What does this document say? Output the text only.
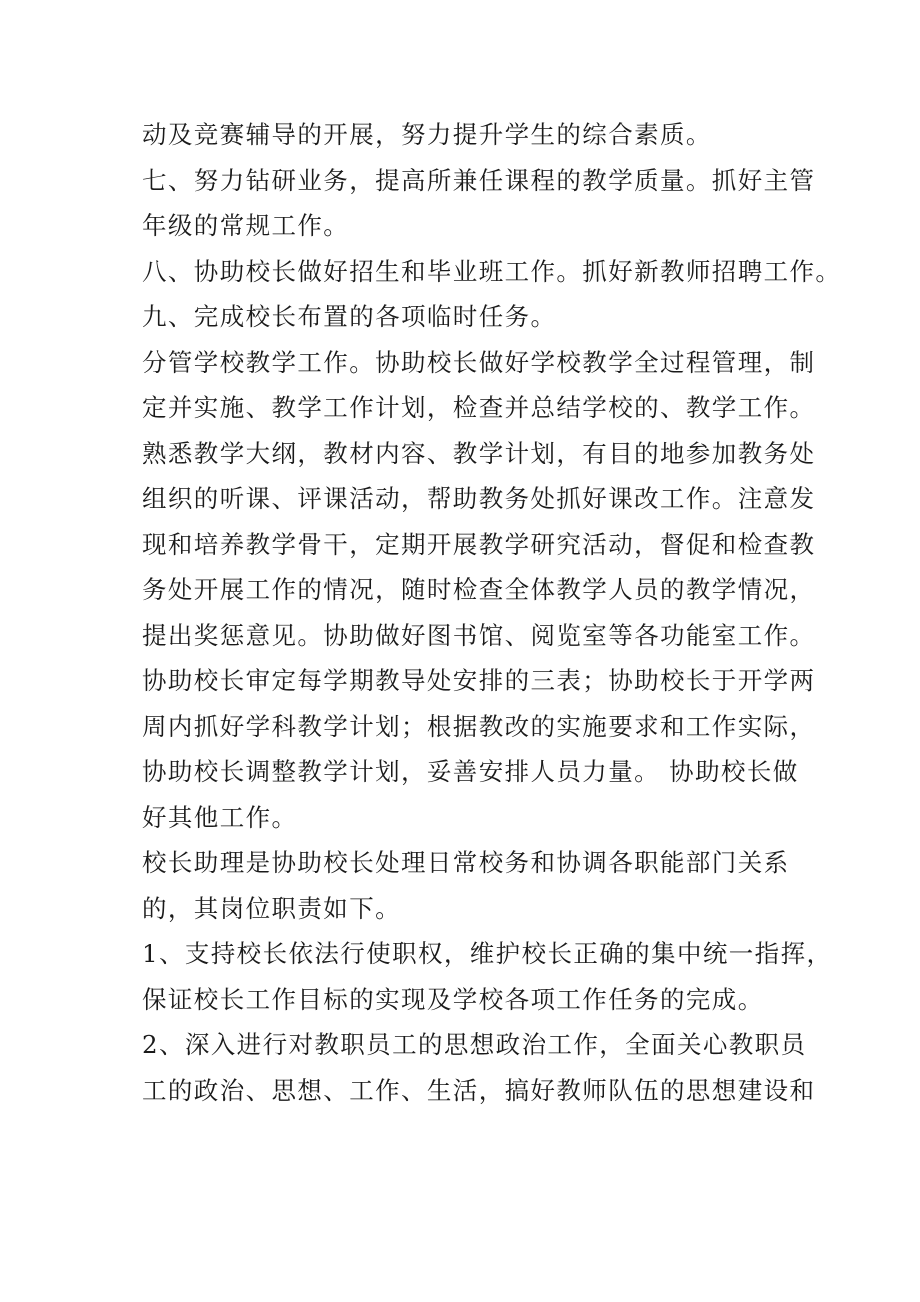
动及竞赛辅导的开展，努力提升学生的综合素质。
七、努力钻研业务，提高所兼任课程的教学质量。抓好主管
年级的常规工作。
八、协助校长做好招生和毕业班工作。抓好新教师招聘工作。
九、完成校长布置的各项临时任务。
分管学校教学工作。协助校长做好学校教学全过程管理，制
定并实施、教学工作计划，检查并总结学校的、教学工作。
熟悉教学大纲，教材内容、教学计划，有目的地参加教务处
组织的听课、评课活动，帮助教务处抓好课改工作。注意发
现和培养教学骨干，定期开展教学研究活动，督促和检查教
务处开展工作的情况，随时检查全体教学人员的教学情况，
提出奖惩意见。协助做好图书馆、阅览室等各功能室工作。
协助校长审定每学期教导处安排的三表；协助校长于开学两
周内抓好学科教学计划；根据教改的实施要求和工作实际，
协助校长调整教学计划，妥善安排人员力量。 协助校长做
好其他工作。
校长助理是协助校长处理日常校务和协调各职能部门关系
的，其岗位职责如下。
1、支持校长依法行使职权，维护校长正确的集中统一指挥，
保证校长工作目标的实现及学校各项工作任务的完成。
2、深入进行对教职员工的思想政治工作，全面关心教职员
工的政治、思想、工作、生活，搞好教师队伍的思想建设和
